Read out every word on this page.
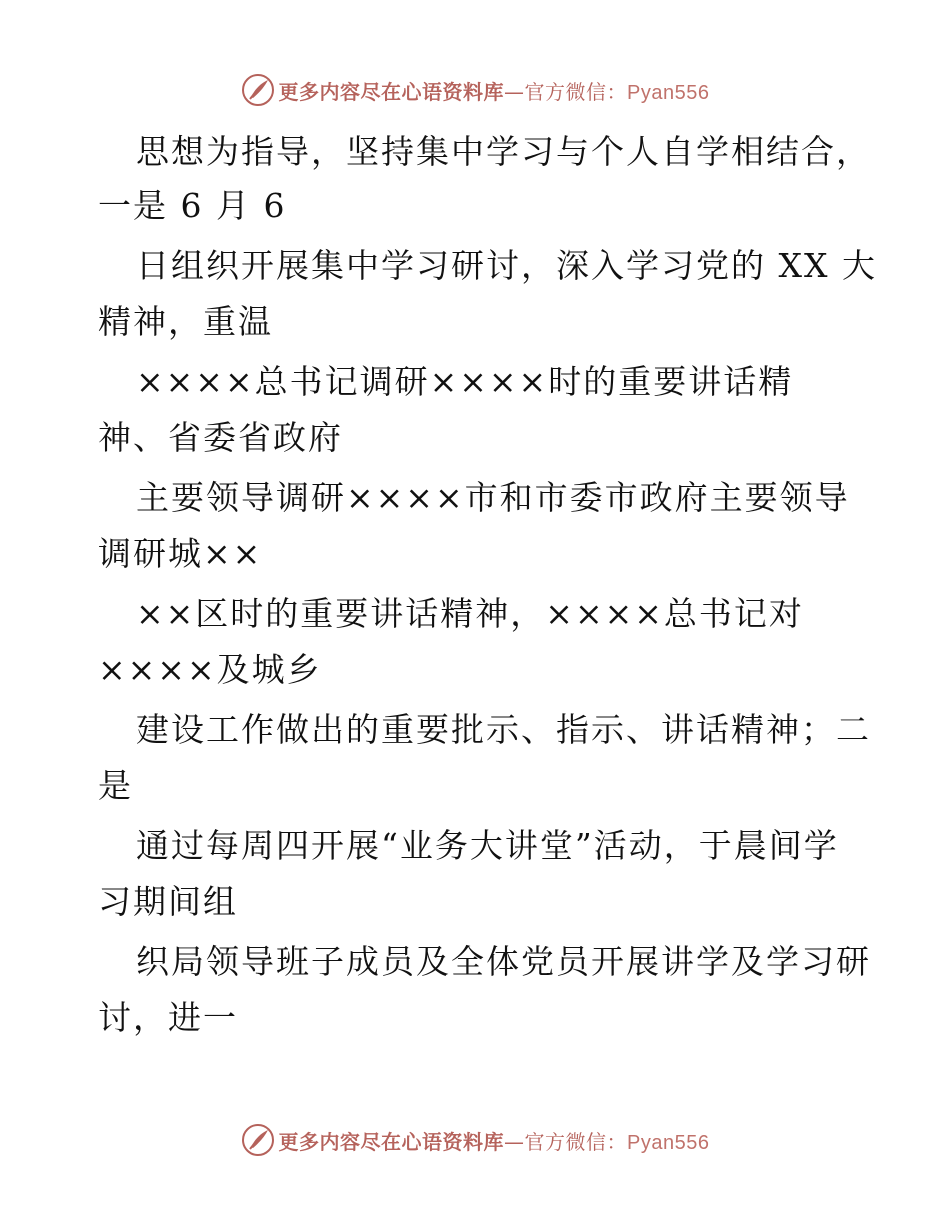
更多内容尽在心语资料库—官方微信：Pyan556
思想为指导，坚持集中学习与个人自学相结合，
一是 6 月 6
日组织开展集中学习研讨，深入学习党的 XX 大
精神，重温
××××总书记调研××××时的重要讲话精
神、省委省政府
主要领导调研××××市和市委市政府主要领导
调研城××
××区时的重要讲话精神，××××总书记对
××××及城乡
建设工作做出的重要批示、指示、讲话精神；二
是
通过每周四开展“业务大讲堂”活动，于晨间学
习期间组
织局领导班子成员及全体党员开展讲学及学习研
讨，进一
更多内容尽在心语资料库—官方微信：Pyan556
